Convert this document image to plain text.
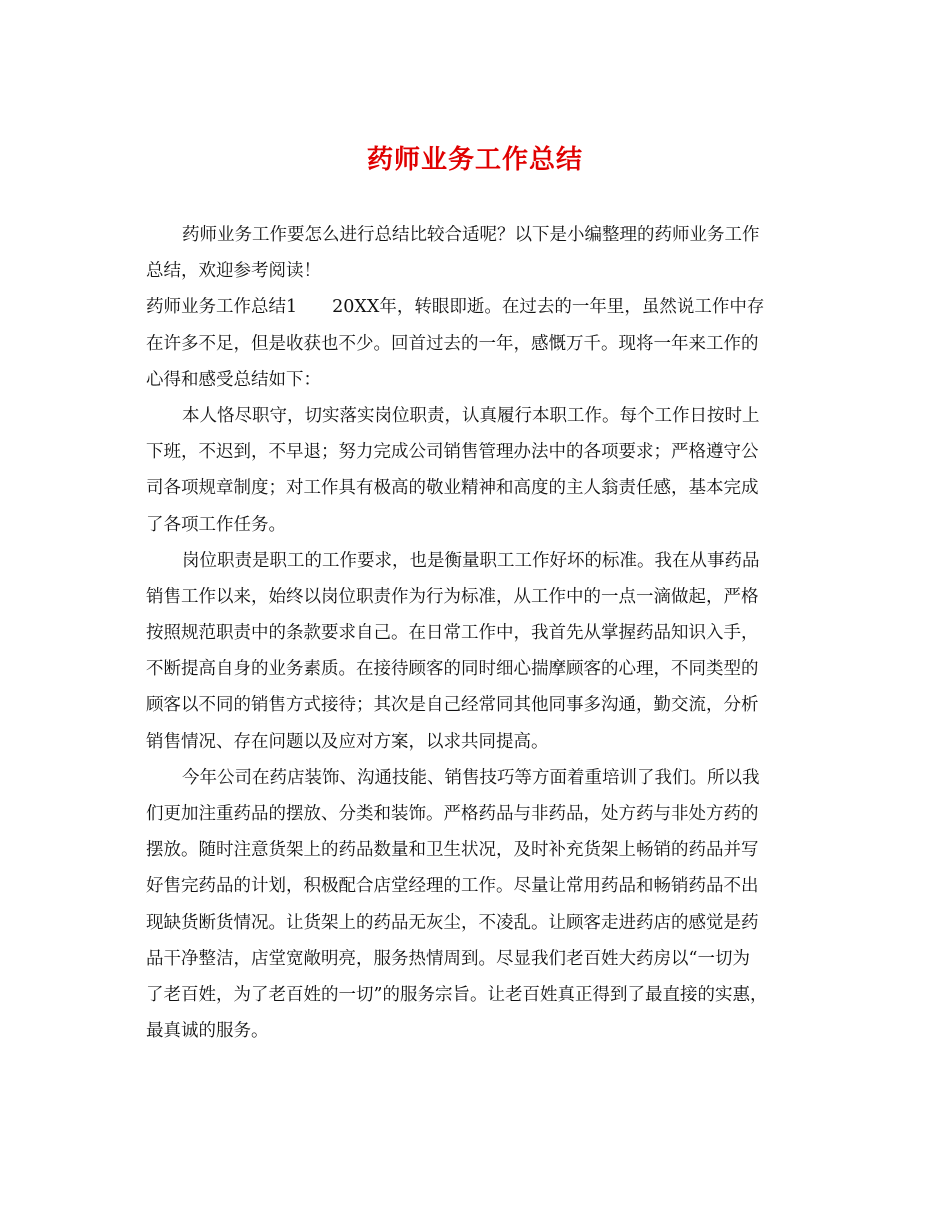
药师业务工作总结
药师业务工作要怎么进行总结比较合适呢？以下是小编整理的药师业务工作
总结，欢迎参考阅读！
药师业务工作总结1　　20XX年，转眼即逝。在过去的一年里，虽然说工作中存
在许多不足，但是收获也不少。回首过去的一年，感慨万千。现将一年来工作的
心得和感受总结如下：
本人恪尽职守，切实落实岗位职责，认真履行本职工作。每个工作日按时上
下班，不迟到，不早退；努力完成公司销售管理办法中的各项要求；严格遵守公
司各项规章制度；对工作具有极高的敬业精神和高度的主人翁责任感，基本完成
了各项工作任务。
岗位职责是职工的工作要求，也是衡量职工工作好坏的标准。我在从事药品
销售工作以来，始终以岗位职责作为行为标准，从工作中的一点一滴做起，严格
按照规范职责中的条款要求自己。在日常工作中，我首先从掌握药品知识入手，
不断提高自身的业务素质。在接待顾客的同时细心揣摩顾客的心理，不同类型的
顾客以不同的销售方式接待；其次是自己经常同其他同事多沟通，勤交流，分析
销售情况、存在问题以及应对方案，以求共同提高。
今年公司在药店装饰、沟通技能、销售技巧等方面着重培训了我们。所以我
们更加注重药品的摆放、分类和装饰。严格药品与非药品，处方药与非处方药的
摆放。随时注意货架上的药品数量和卫生状况，及时补充货架上畅销的药品并写
好售完药品的计划，积极配合店堂经理的工作。尽量让常用药品和畅销药品不出
现缺货断货情况。让货架上的药品无灰尘，不凌乱。让顾客走进药店的感觉是药
品干净整洁，店堂宽敞明亮，服务热情周到。尽显我们老百姓大药房以“一切为
了老百姓，为了老百姓的一切”的服务宗旨。让老百姓真正得到了最直接的实惠，
最真诚的服务。
